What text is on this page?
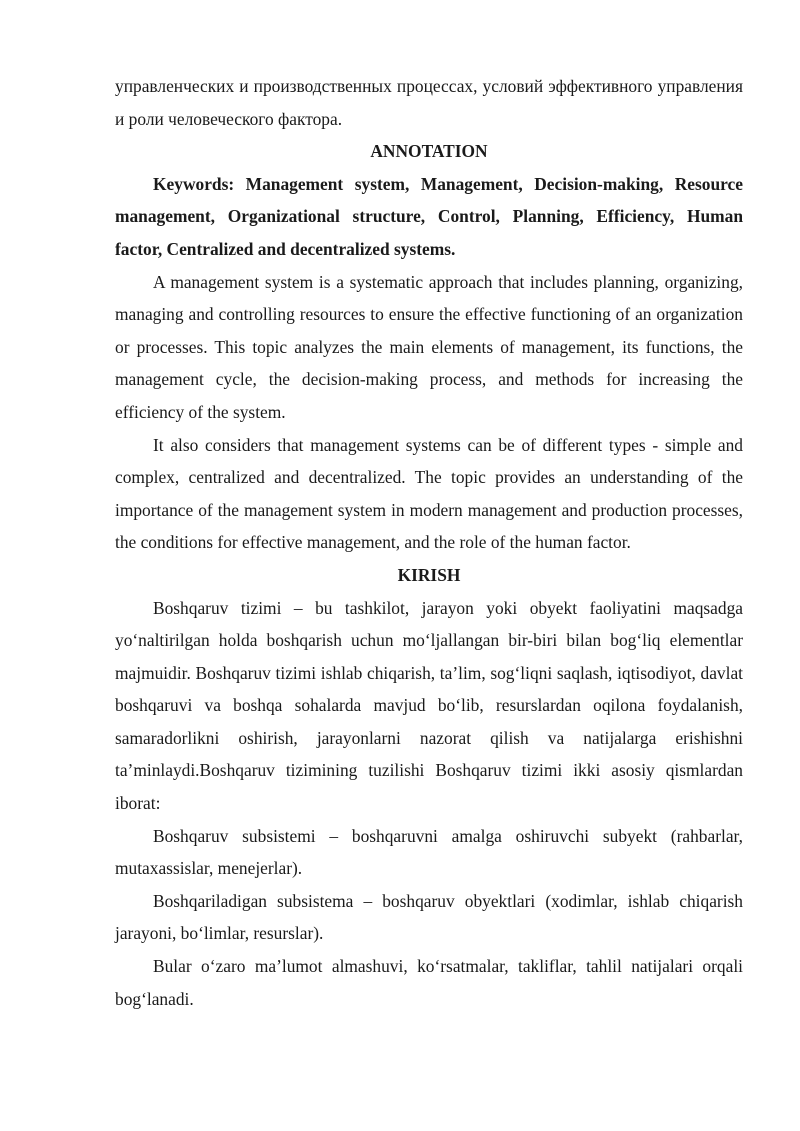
управленческих и производственных процессах, условий эффективного управления и роли человеческого фактора.

ANNOTATION

Keywords: Management system, Management, Decision-making, Resource management, Organizational structure, Control, Planning, Efficiency, Human factor, Centralized and decentralized systems.

A management system is a systematic approach that includes planning, organizing, managing and controlling resources to ensure the effective functioning of an organization or processes. This topic analyzes the main elements of management, its functions, the management cycle, the decision-making process, and methods for increasing the efficiency of the system.

It also considers that management systems can be of different types - simple and complex, centralized and decentralized. The topic provides an understanding of the importance of the management system in modern management and production processes, the conditions for effective management, and the role of the human factor.

KIRISH

Boshqaruv tizimi – bu tashkilot, jarayon yoki obyekt faoliyatini maqsadga yo‘naltirilgan holda boshqarish uchun mo‘ljallangan bir-biri bilan bog‘liq elementlar majmuidir. Boshqaruv tizimi ishlab chiqarish, ta’lim, sog‘liqni saqlash, iqtisodiyot, davlat boshqaruvi va boshqa sohalarda mavjud bo‘lib, resurslardan oqilona foydalanish, samaradorlikni oshirish, jarayonlarni nazorat qilish va natijalarga erishishni ta’minlaydi.Boshqaruv tizimining tuzilishi Boshqaruv tizimi ikki asosiy qismlardan iborat:

Boshqaruv subsistemi – boshqaruvni amalga oshiruvchi subyekt (rahbarlar, mutaxassislar, menejerlar).

Boshqariladigan subsistema – boshqaruv obyektlari (xodimlar, ishlab chiqarish jarayoni, bo‘limlar, resurslar).

Bular o‘zaro ma’lumot almashuvi, ko‘rsatmalar, takliflar, tahlil natijalari orqali bog‘lanadi.
